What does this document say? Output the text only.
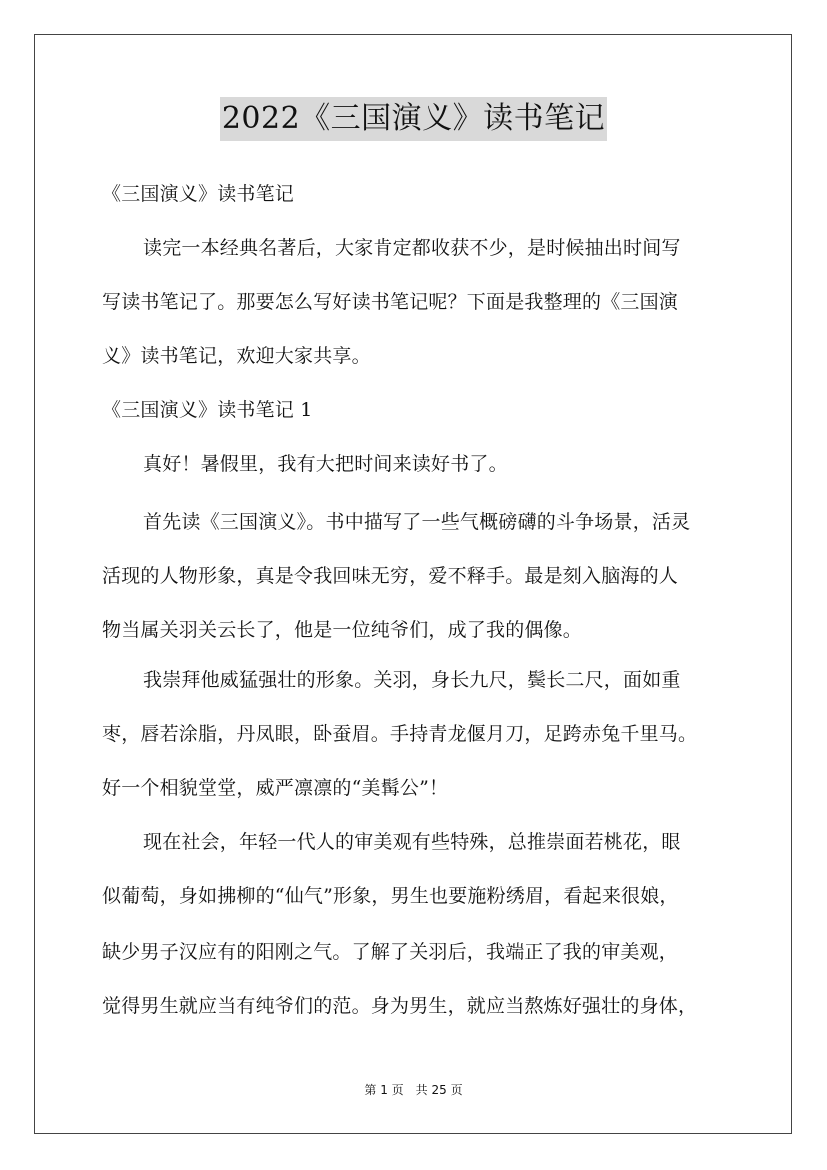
2022《三国演义》读书笔记
《三国演义》读书笔记
读完一本经典名著后，大家肯定都收获不少，是时候抽出时间写
写读书笔记了。那要怎么写好读书笔记呢？下面是我整理的《三国演
义》读书笔记，欢迎大家共享。
《三国演义》读书笔记 1
真好！暑假里，我有大把时间来读好书了。
首先读《三国演义》。书中描写了一些气概磅礴的斗争场景，活灵
活现的人物形象，真是令我回味无穷，爱不释手。最是刻入脑海的人
物当属关羽关云长了，他是一位纯爷们，成了我的偶像。
我崇拜他威猛强壮的形象。关羽，身长九尺，鬓长二尺，面如重
枣，唇若涂脂，丹凤眼，卧蚕眉。手持青龙偃月刀，足跨赤兔千里马。
好一个相貌堂堂，威严凛凛的“美髯公”！
现在社会，年轻一代人的审美观有些特殊，总推崇面若桃花，眼
似葡萄，身如拂柳的“仙气”形象，男生也要施粉绣眉，看起来很娘，
缺少男子汉应有的阳刚之气。了解了关羽后，我端正了我的审美观，
觉得男生就应当有纯爷们的范。身为男生，就应当熬炼好强壮的身体，
第 1 页　共 25 页
